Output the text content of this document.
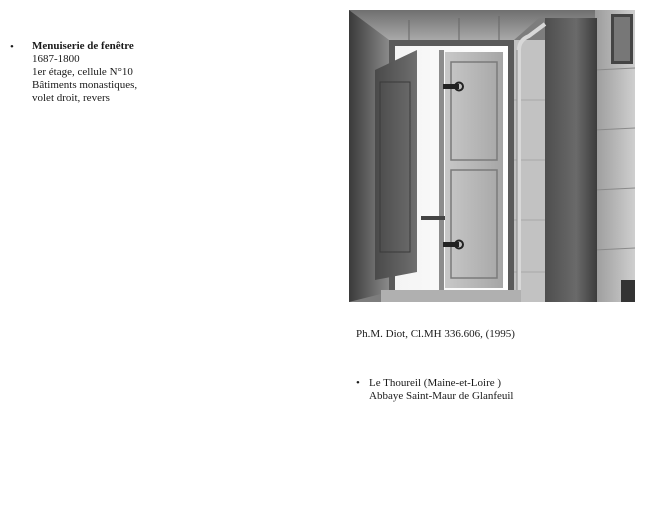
• Menuiserie de fenêtre
1687-1800
1er étage, cellule N°10
Bâtiments monastiques,
volet droit, revers
Ph.M. Diot, Cl.MH 336.606, (1995)
• Le Thoureil (Maine-et-Loire )
Abbaye Saint-Maur de Glanfeuil
